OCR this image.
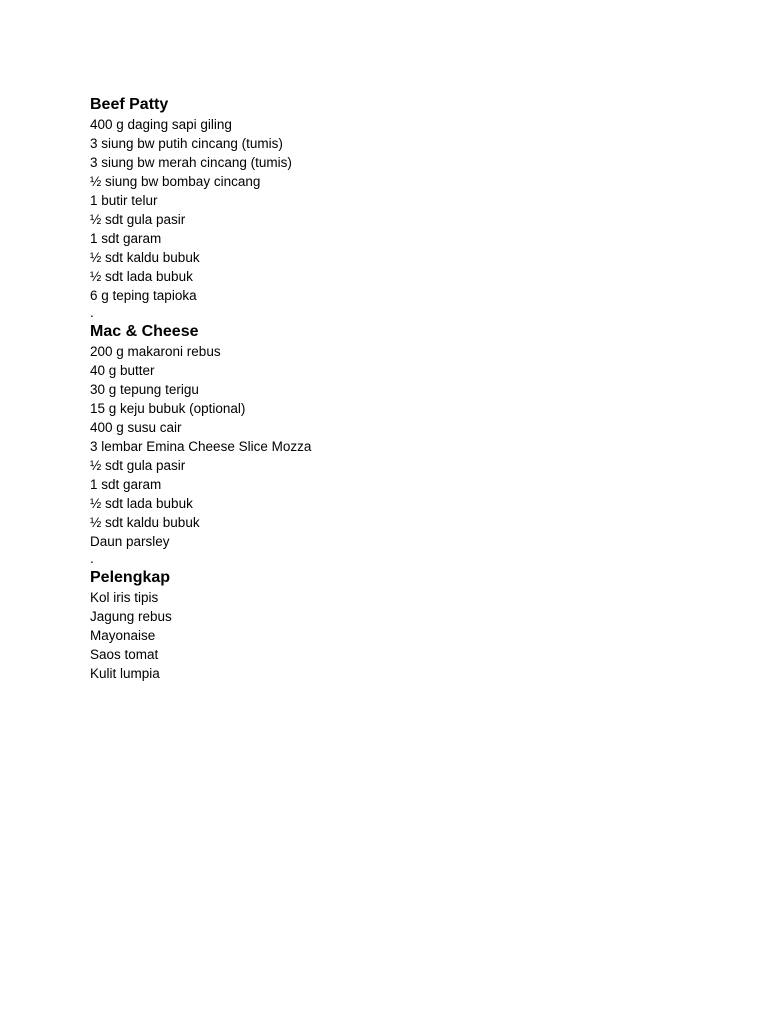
Beef Patty
400 g daging sapi giling
3 siung bw putih cincang (tumis)
3 siung bw merah cincang (tumis)
½ siung bw bombay cincang
1 butir telur
½ sdt gula pasir
1 sdt garam
½ sdt kaldu bubuk
½ sdt lada bubuk
6 g teping tapioka
.
Mac & Cheese
200 g makaroni rebus
40 g butter
30 g tepung terigu
15 g keju bubuk (optional)
400 g susu cair
3 lembar Emina Cheese Slice Mozza
½ sdt gula pasir
1 sdt garam
½ sdt lada bubuk
½ sdt kaldu bubuk
Daun parsley
.
Pelengkap
Kol iris tipis
Jagung rebus
Mayonaise
Saos tomat
Kulit lumpia
